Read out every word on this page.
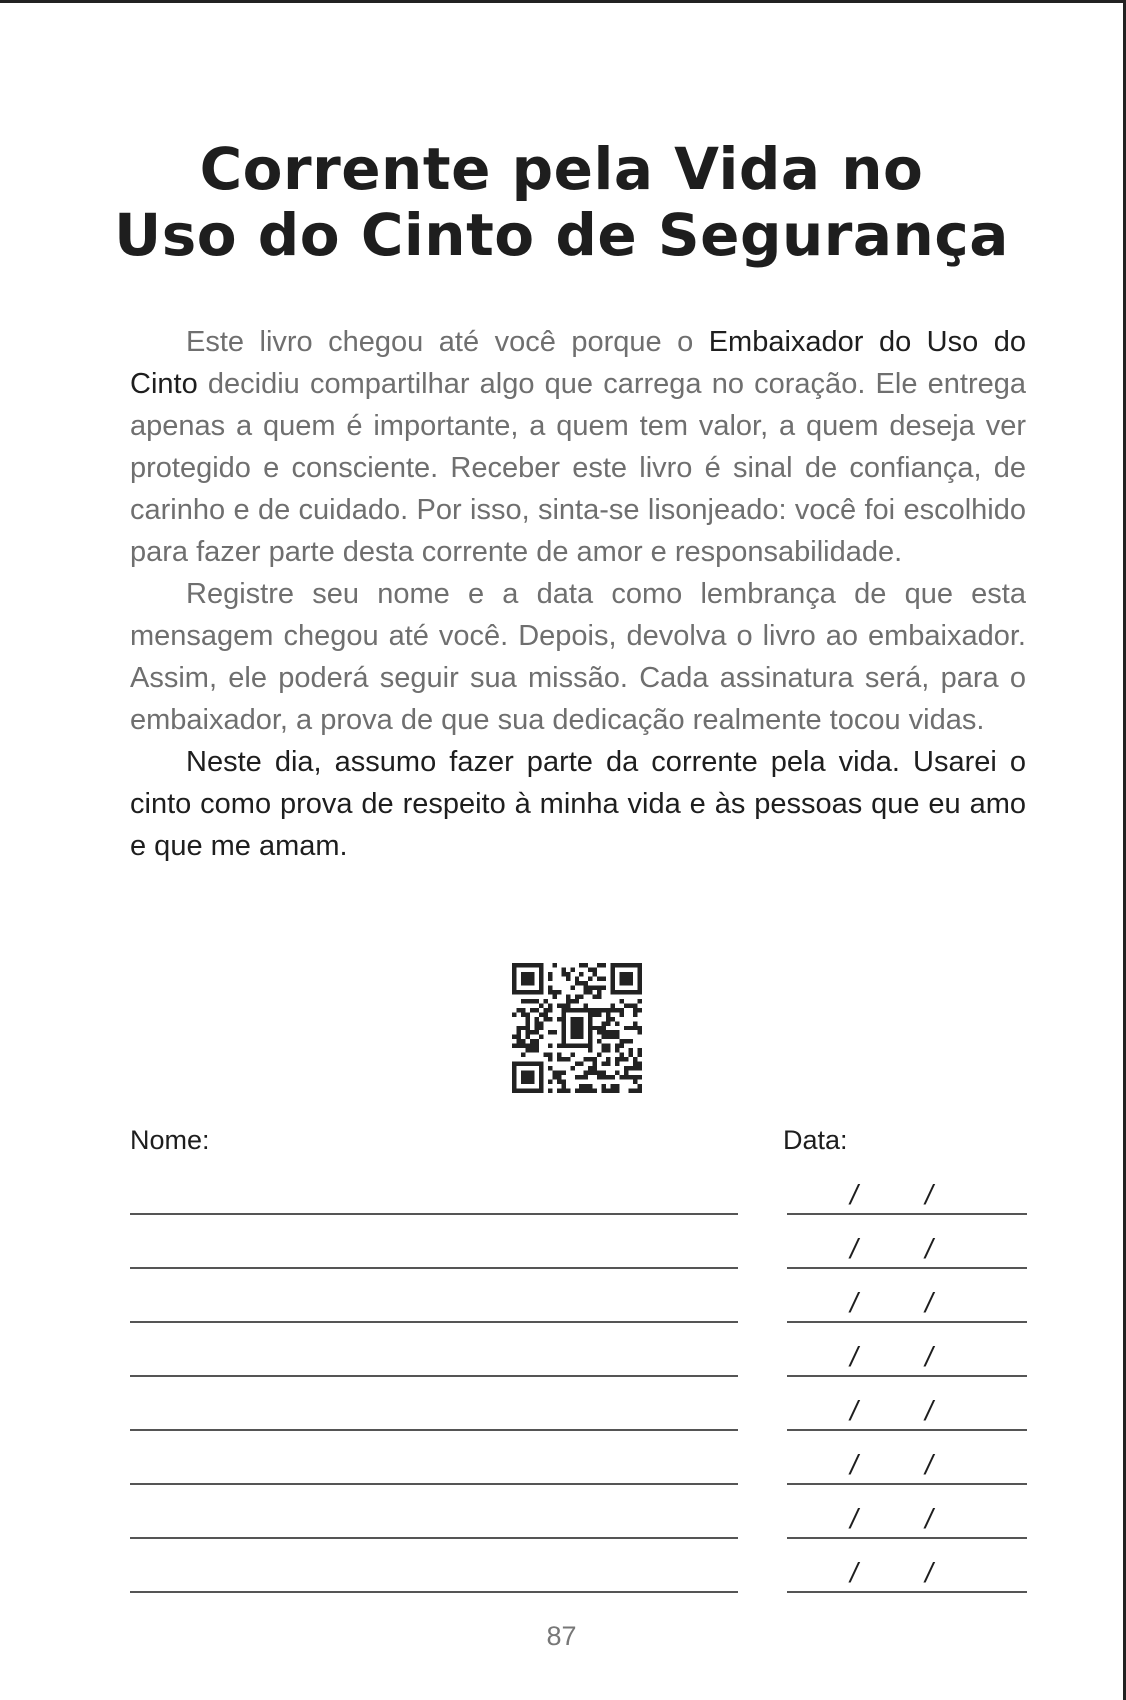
Corrente pela Vida no
Uso do Cinto de Segurança

Este livro chegou até você porque o Embaixador do Uso do Cinto decidiu compartilhar algo que carrega no coração. Ele entrega apenas a quem é importante, a quem tem valor, a quem deseja ver protegido e consciente. Receber este livro é sinal de confiança, de carinho e de cuidado. Por isso, sinta-se lisonjeado: você foi escolhido para fazer parte desta corrente de amor e responsabilidade.

Registre seu nome e a data como lembrança de que esta mensagem chegou até você. Depois, devolva o livro ao embaixador. Assim, ele poderá seguir sua missão. Cada assinatura será, para o embaixador, a prova de que sua dedicação realmente tocou vidas.

Neste dia, assumo fazer parte da corrente pela vida. Usarei o cinto como prova de respeito à minha vida e às pessoas que eu amo e que me amam.

Nome:	Data:
/ /
/ /
/ /
/ /
/ /
/ /
/ /
/ /
87
